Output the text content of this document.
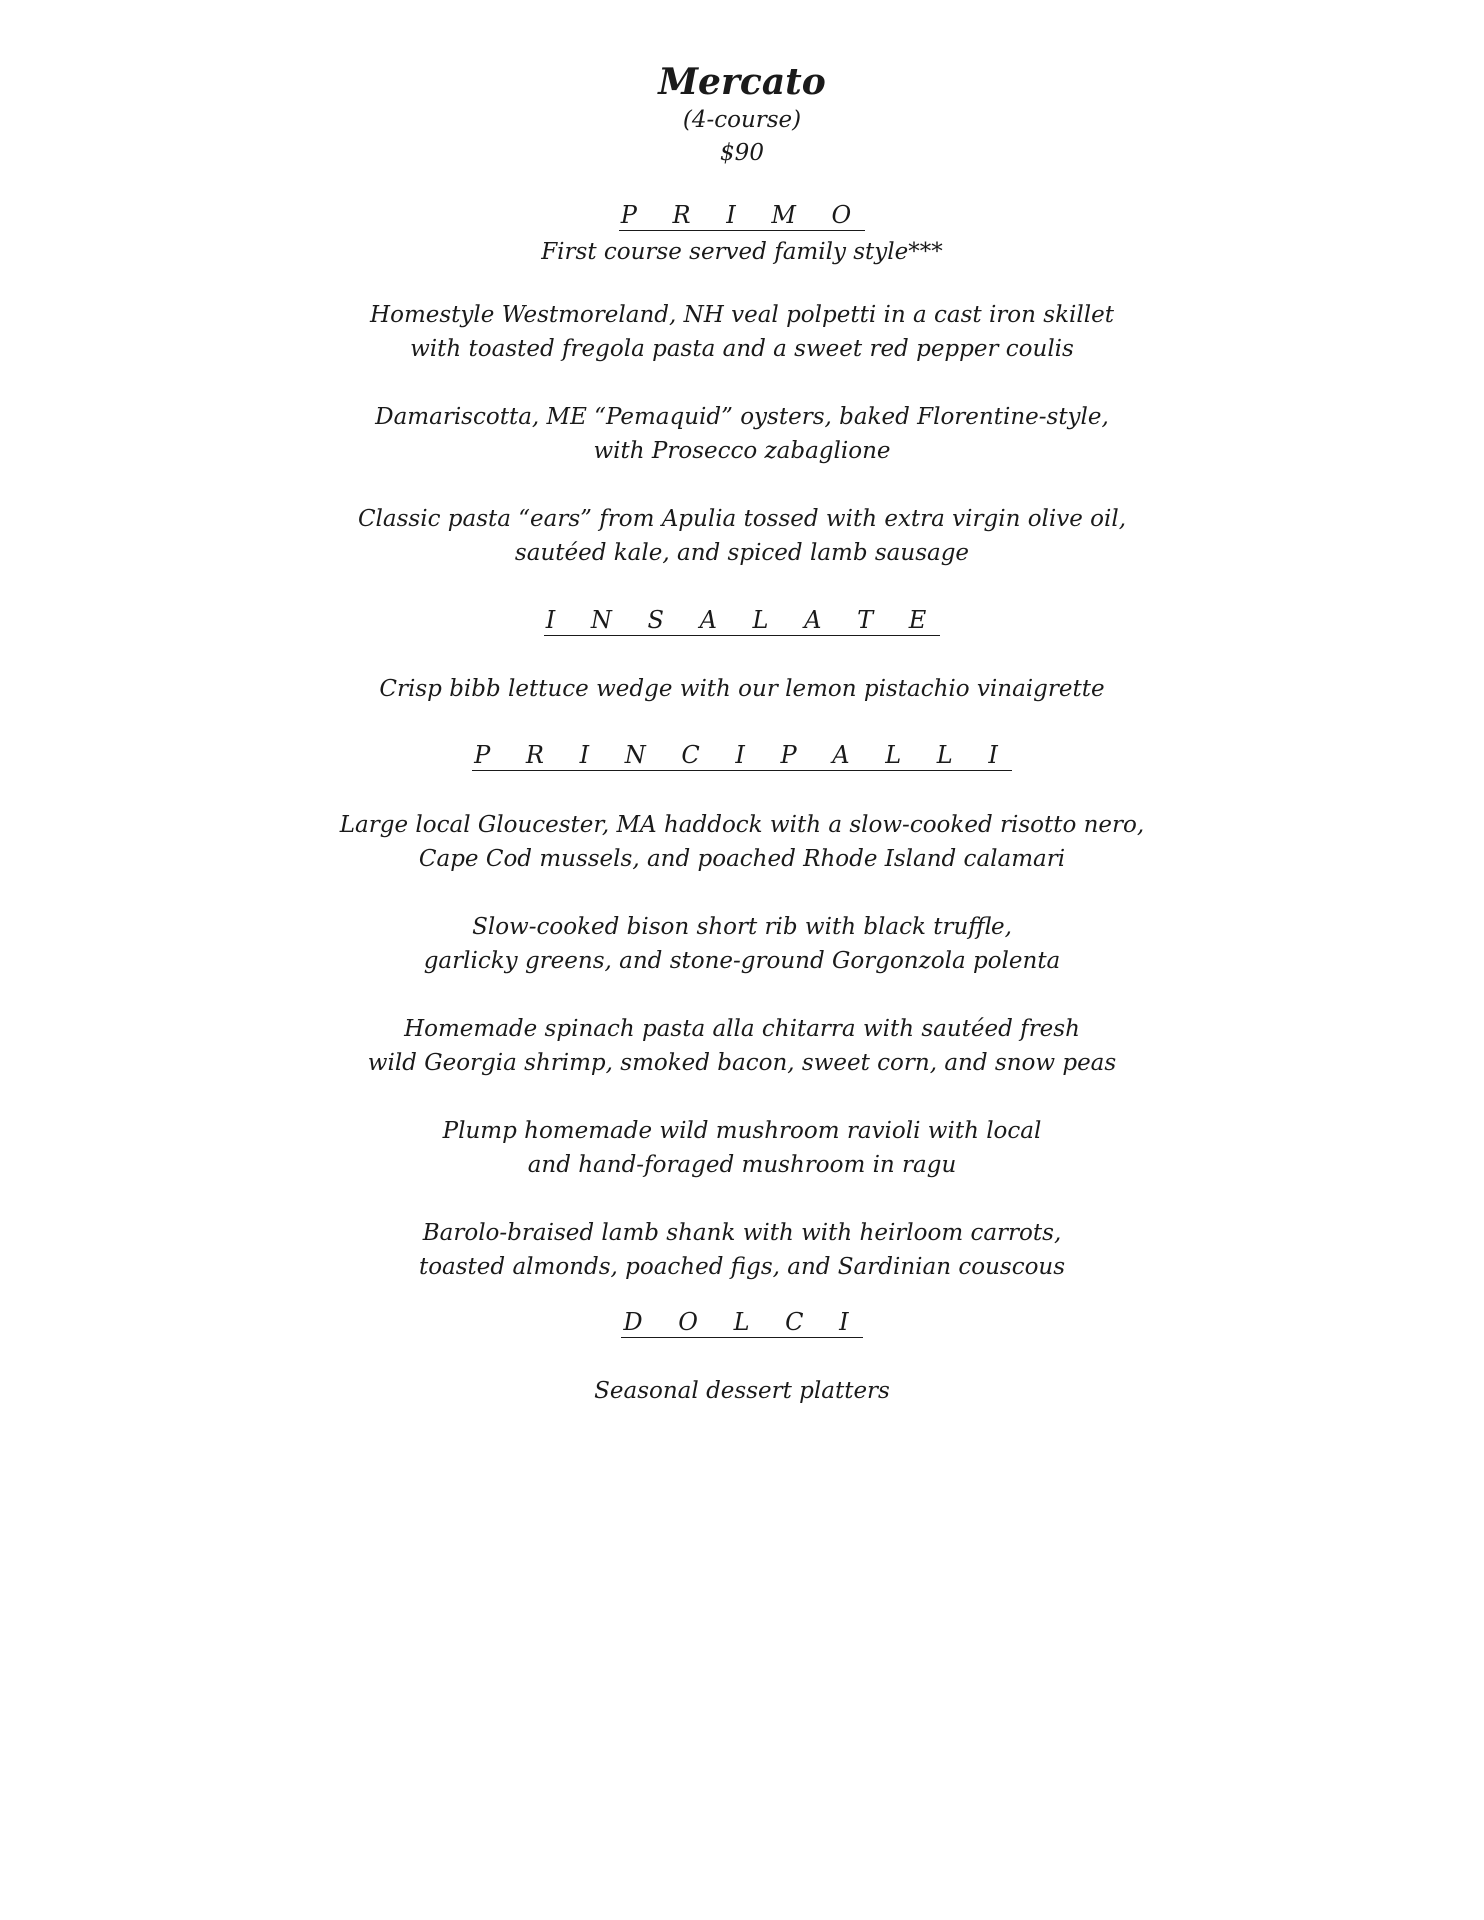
Mercato
(4-course)
$90
P R I M O
First course served family style***
Homestyle Westmoreland, NH veal polpetti in a cast iron skillet
with toasted fregola pasta and a sweet red pepper coulis
Damariscotta, ME “Pemaquid” oysters, baked Florentine-style,
with Prosecco zabaglione
Classic pasta “ears” from Apulia tossed with extra virgin olive oil,
sautéed kale, and spiced lamb sausage
I N S A L A T E
Crisp bibb lettuce wedge with our lemon pistachio vinaigrette
P R I N C I P A L L I
Large local Gloucester, MA haddock with a slow-cooked risotto nero,
Cape Cod mussels, and poached Rhode Island calamari
Slow-cooked bison short rib with black truffle,
garlicky greens, and stone-ground Gorgonzola polenta
Homemade spinach pasta alla chitarra with sautéed fresh
wild Georgia shrimp, smoked bacon, sweet corn, and snow peas
Plump homemade wild mushroom ravioli with local
and hand-foraged mushroom in ragu
Barolo-braised lamb shank with with heirloom carrots,
toasted almonds, poached figs, and Sardinian couscous
D O L C I
Seasonal dessert platters
